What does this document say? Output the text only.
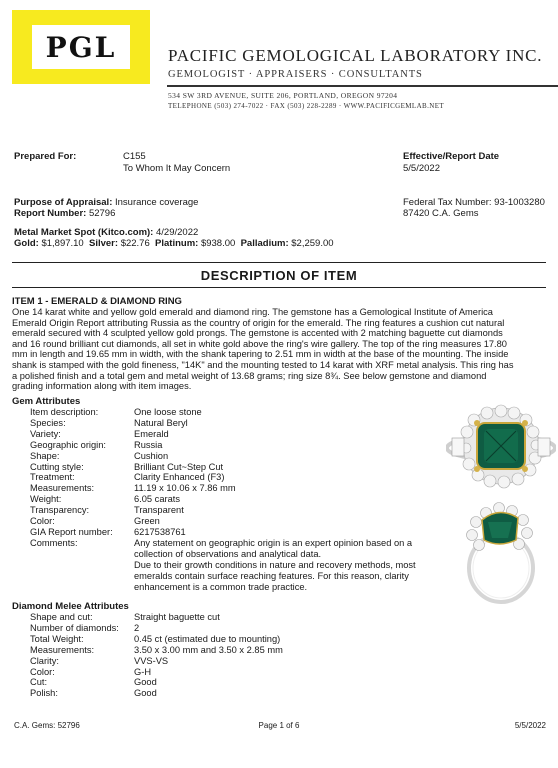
PGL	PACIFIC GEMOLOGICAL LABORATORY INC.
GEMOLOGIST · APPRAISERS · CONSULTANTS
534 SW 3RD AVENUE, SUITE 206, PORTLAND, OREGON 97204
TELEPHONE (503) 274-7022 · FAX (503) 228-2289 · WWW.PACIFICGEMLAB.NET
Prepared For:	C155
To Whom It May Concern
Effective/Report Date
5/5/2022
Purpose of Appraisal: Insurance coverage
Report Number: 52796
Federal Tax Number: 93-1003280
87420 C.A. Gems
Metal Market Spot (Kitco.com): 4/29/2022
Gold: $1,897.10 Silver: $22.76 Platinum: $938.00 Palladium: $2,259.00
DESCRIPTION OF ITEM
ITEM 1 - EMERALD & DIAMOND RING
One 14 karat white and yellow gold emerald and diamond ring. The gemstone has a Gemological Institute of America
Emerald Origin Report attributing Russia as the country of origin for the emerald. The ring features a cushion cut natural
emerald secured with 4 sculpted yellow gold prongs. The gemstone is accented with 2 matching baguette cut diamonds
and 16 round brilliant cut diamonds, all set in white gold above the ring's wire gallery. The top of the ring measures 17.80
mm in length and 19.65 mm in width, with the shank tapering to 2.51 mm in width at the base of the mounting. The inside
shank is stamped with the gold fineness, "14K" and the mounting tested to 14 karat with XRF metal analysis. This ring has
a polished finish and a total gem and metal weight of 13.68 grams; ring size 8¾. See below gemstone and diamond
grading information along with item images.
Gem Attributes
Item description:	One loose stone
Species:	Natural Beryl
Variety:	Emerald
Geographic origin:	Russia
Shape:	Cushion
Cutting style:	Brilliant Cut~Step Cut
Treatment:	Clarity Enhanced (F3)
Measurements:	11.19 x 10.06 x 7.86 mm
Weight:	6.05 carats
Transparency:	Transparent
Color:	Green
GIA Report number:	6217538761
Comments:	Any statement on geographic origin is an expert opinion based on a
collection of observations and analytical data.
Due to their growth conditions in nature and recovery methods, most
emeralds contain surface reaching features. For this reason, clarity
enhancement is a common trade practice.
Diamond Melee Attributes
Shape and cut:	Straight baguette cut
Number of diamonds:	2
Total Weight:	0.45 ct (estimated due to mounting)
Measurements:	3.50 x 3.00 mm and 3.50 x 2.85 mm
Clarity:	VVS-VS
Color:	G-H
Cut:	Good
Polish:	Good
C.A. Gems: 52796	Page 1 of 6	5/5/2022
